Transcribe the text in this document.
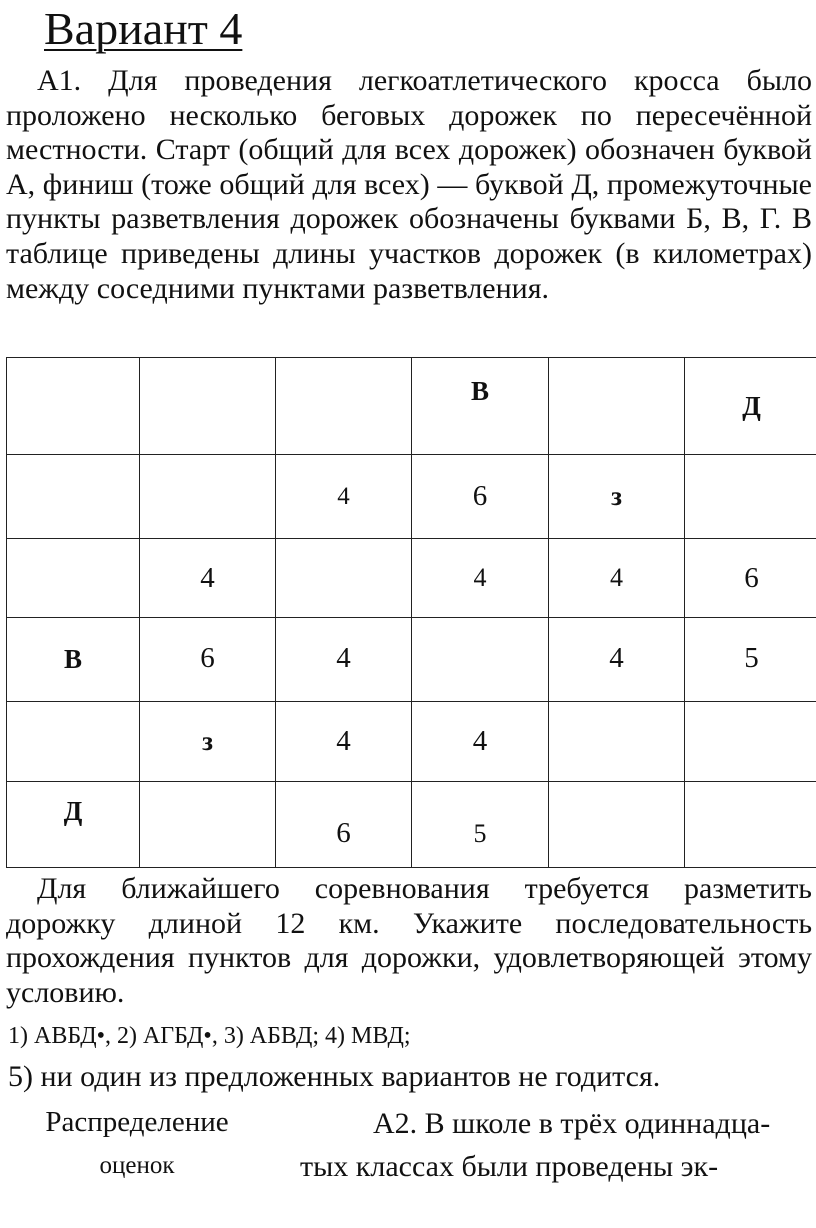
Вариант 4

А1. Для проведения легкоатлетического кросса было проложено несколько беговых дорожек по пересечённой местности. Старт (общий для всех дорожек) обозначен буквой А, финиш (тоже общий для всех) — буквой Д, промежуточные пункты разветвления дорожек обозначены буквами Б, В, Г. В таблице приведены длины участков дорожек (в километрах) между соседними пунктами разветвления.

			В		Д
		4	6	з	
	4		4	4	6
В	6	4		4	5
	з	4	4		
Д		6	5		

Для ближайшего соревнования требуется разметить дорожку длиной 12 км. Укажите последовательность прохождения пунктов для дорожки, удовлетворяющей этому условию.

1) АВБД•, 2) АГБД•, 3) АБВД; 4) МВД;

5) ни один из предложенных вариантов не годится.

Распределение
оценок

А2. В школе в трёх одиннадца-тых классах были проведены эк-
